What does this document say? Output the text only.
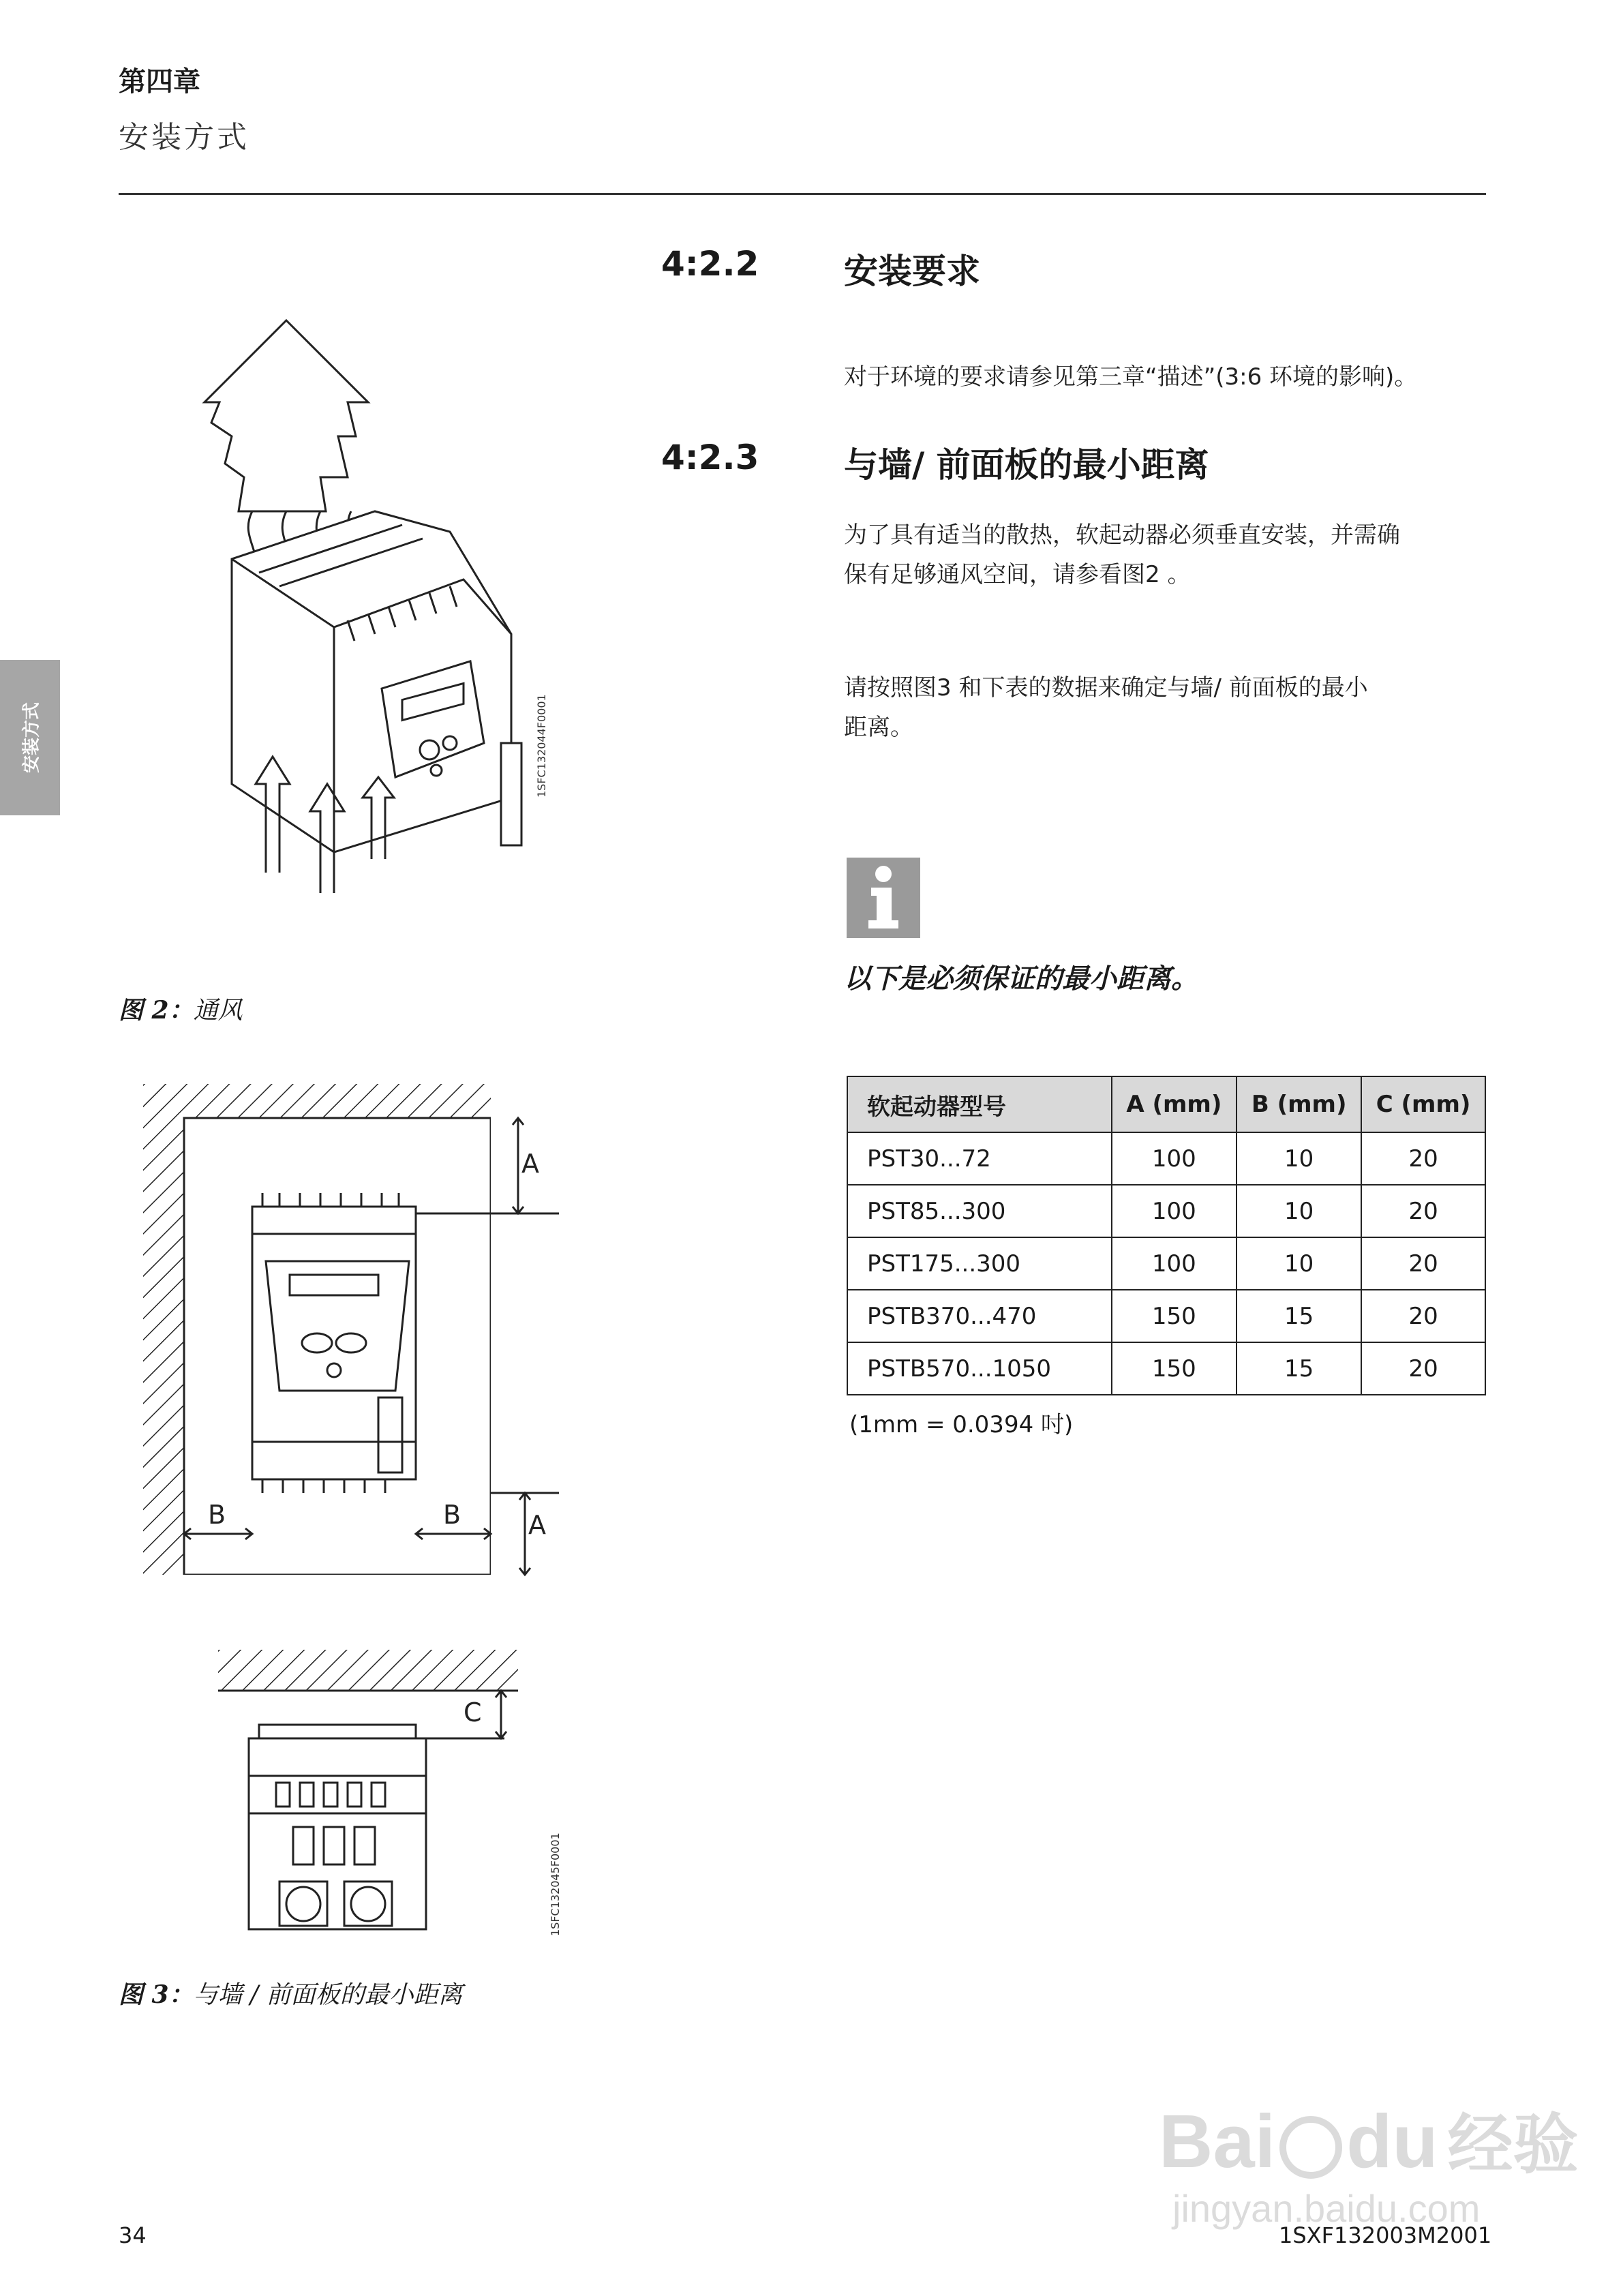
第四章
安装方式
安装方式
4:2.2 安装要求
对于环境的要求请参见第三章“描述”(3:6 环境的影响)。
4:2.3 与墙/ 前面板的最小距离
为了具有适当的散热，软起动器必须垂直安装，并需确
保有足够通风空间，请参看图2 。
请按照图3 和下表的数据来确定与墙/ 前面板的最小
距离。
以下是必须保证的最小距离。
软起动器型号	A (mm)	B (mm)	C (mm)
PST30...72	100	10	20
PST85...300	100	10	20
PST175...300	100	10	20
PSTB370...470	150	15	20
PSTB570...1050	150	15	20
(1mm = 0.0394 吋)
1SFC132044F0001
图 2：通风
A
A
B	B
C
1SFC132045F0001
图 3：与墙 / 前面板的最小距离
Bai du 经验
jingyan.baidu.com
34	1SXF132003M2001
